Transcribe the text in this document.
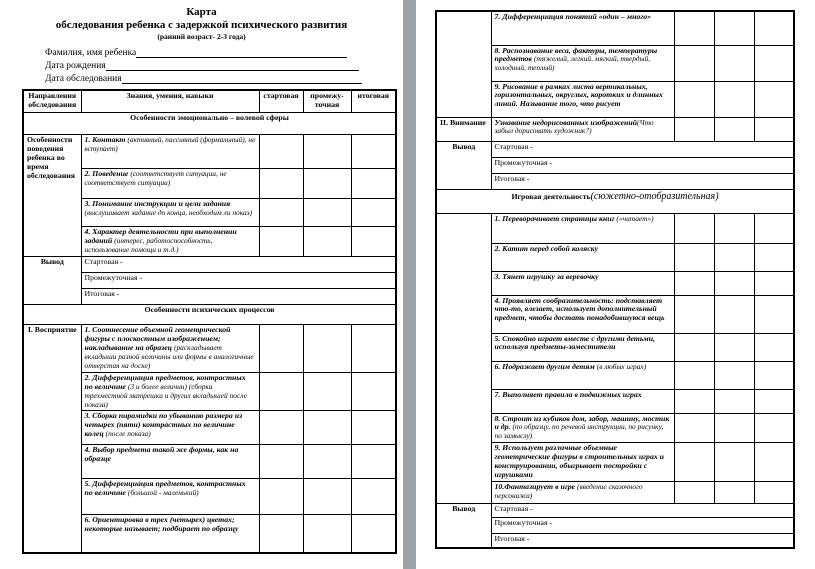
Карта
обследования ребенка с задержкой психического развития
(ранний возраст- 2-3 года)
Фамилия, имя ребенка
Дата рождения
Дата обследования
Направления обследования	Знания, умения, навыки	стартовая	промежу-точная	итоговая
Особенности эмоционально – волевой сферы				
Особенности поведения ребенка во время обследования	1. Контакт (активный, пассивный (формальный), не вступает)			
	2. Поведение (соответствует ситуации, не соответствует ситуации)			
	3. Понимание инструкции и цели задания (выслушивает задание до конца, необходим ли показ)			
	4. Характер деятельности при выполнении заданий (интерес, работоспособность, использование помощи и т.д.)			
Вывод	Стартовая -			
	Промежуточная -			
	Итоговая -			
Особенности психических процессов				
I. Восприятие	1. Соотнесение объемной геометрической фигуры с плоскостным изображением; накладывание на образец (раскладывает вкладыши разной величины или формы в аналогичные отверстия на доске)			
	2. Дифференциация предметов, контрастных по величине (3 и более величин) (сборка трехместной матрешки и других вкладышей после показа)			
	3. Сборка пирамидки по убыванию размера из четырех (пяти) контрастных по величине колец (после показа)			
	4. Выбор предмета такой же формы, как на образце			
	5. Дифференциация предметов, контрастных по величине (большой - маленький)			
	6. Ориентировка в трех (четырех) цветах; некоторые называет; подбирает по образцу			
	7. Дифференциация понятий «один – много»			
	8. Распознавание веса, фактуры, температуры предметов (тяжелый, легкий, мягкий, твердый, холодный, теплый)			
	9. Рисование в рамках листа вертикальных, горизонтальных, округлых, коротких и длинных линий. Называние того, что рисует			
II. Внимание	Узнавание недорисованных изображений(Что забыл дорисовать художник?)			
Вывод	Стартовая -			
	Промежуточная -			
	Итоговая -			
Игровая деятельность(сюжетно-отобразительная)				
	1. Переворачивает страницы книг («читает»)			
	2. Катит перед собой коляску			
	3. Тянет игрушку за веревочку			
	4. Проявляет сообразительность: подставляет что-то, влезает, использует дополнительный предмет, чтобы достать понадобившуюся вещь			
	5. Спокойно играет вместе с другими детьми, используя предметы-заместители			
	6. Подражает другим детям (в любых играх)			
	7. Выполняет правила в подвижных играх			
	8. Строит из кубиков дом, забор, машину, мостик и др. (по образцу, по речевой инструкции, по рисунку, по замыслу)			
	9. Использует различные объемные геометрические фигуры в строительных играх и конструировании, обыгрывает постройки с игрушками			
	10.Фантазирует в игре (введение сказочного персонажа)			
Вывод	Стартовая -			
	Промежуточная -			
	Итоговая -			
